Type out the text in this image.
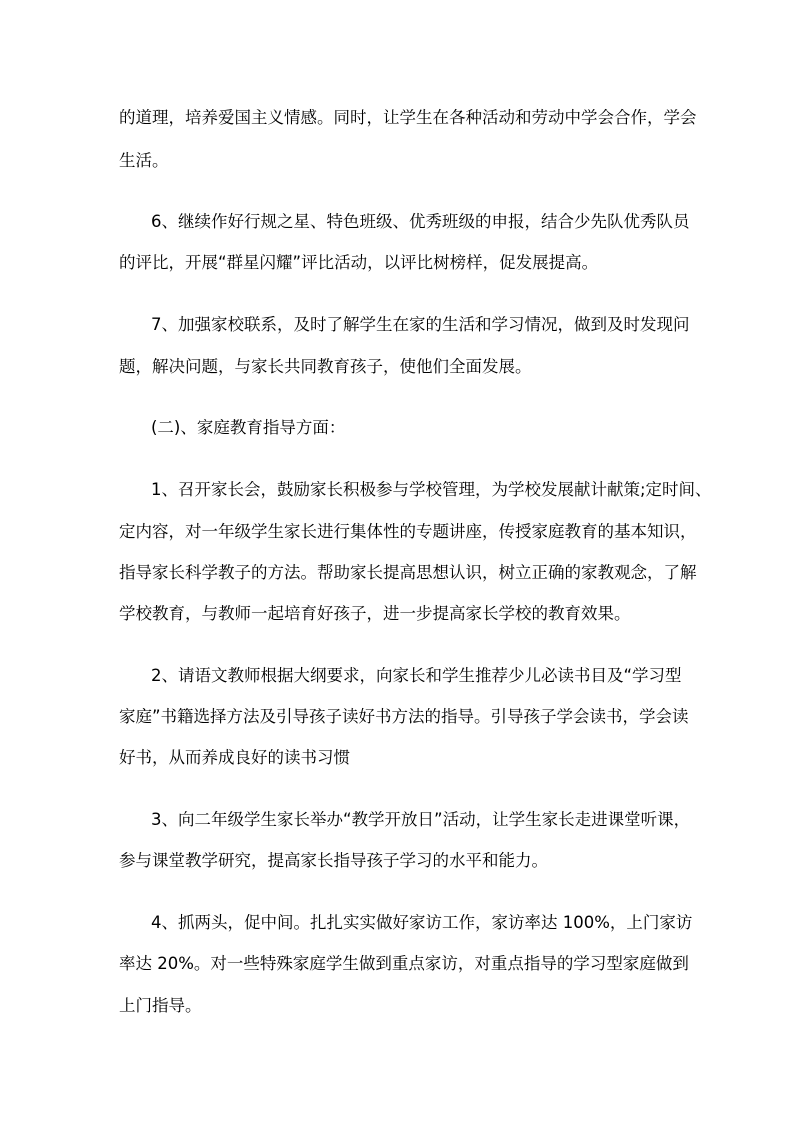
的道理，培养爱国主义情感。同时，让学生在各种活动和劳动中学会合作，学会

生活。

6、继续作好行规之星、特色班级、优秀班级的申报，结合少先队优秀队员

的评比，开展“群星闪耀”评比活动，以评比树榜样，促发展提高。

7、加强家校联系，及时了解学生在家的生活和学习情况，做到及时发现问

题，解决问题，与家长共同教育孩子，使他们全面发展。

(二)、家庭教育指导方面：

1、召开家长会，鼓励家长积极参与学校管理，为学校发展献计献策;定时间、

定内容，对一年级学生家长进行集体性的专题讲座，传授家庭教育的基本知识，

指导家长科学教子的方法。帮助家长提高思想认识，树立正确的家教观念，了解

学校教育，与教师一起培育好孩子，进一步提高家长学校的教育效果。

2、请语文教师根据大纲要求，向家长和学生推荐少儿必读书目及“学习型

家庭”书籍选择方法及引导孩子读好书方法的指导。引导孩子学会读书，学会读

好书，从而养成良好的读书习惯

3、向二年级学生家长举办“教学开放日”活动，让学生家长走进课堂听课，

参与课堂教学研究，提高家长指导孩子学习的水平和能力。

4、抓两头，促中间。扎扎实实做好家访工作，家访率达 100%，上门家访

率达 20%。对一些特殊家庭学生做到重点家访，对重点指导的学习型家庭做到

上门指导。
